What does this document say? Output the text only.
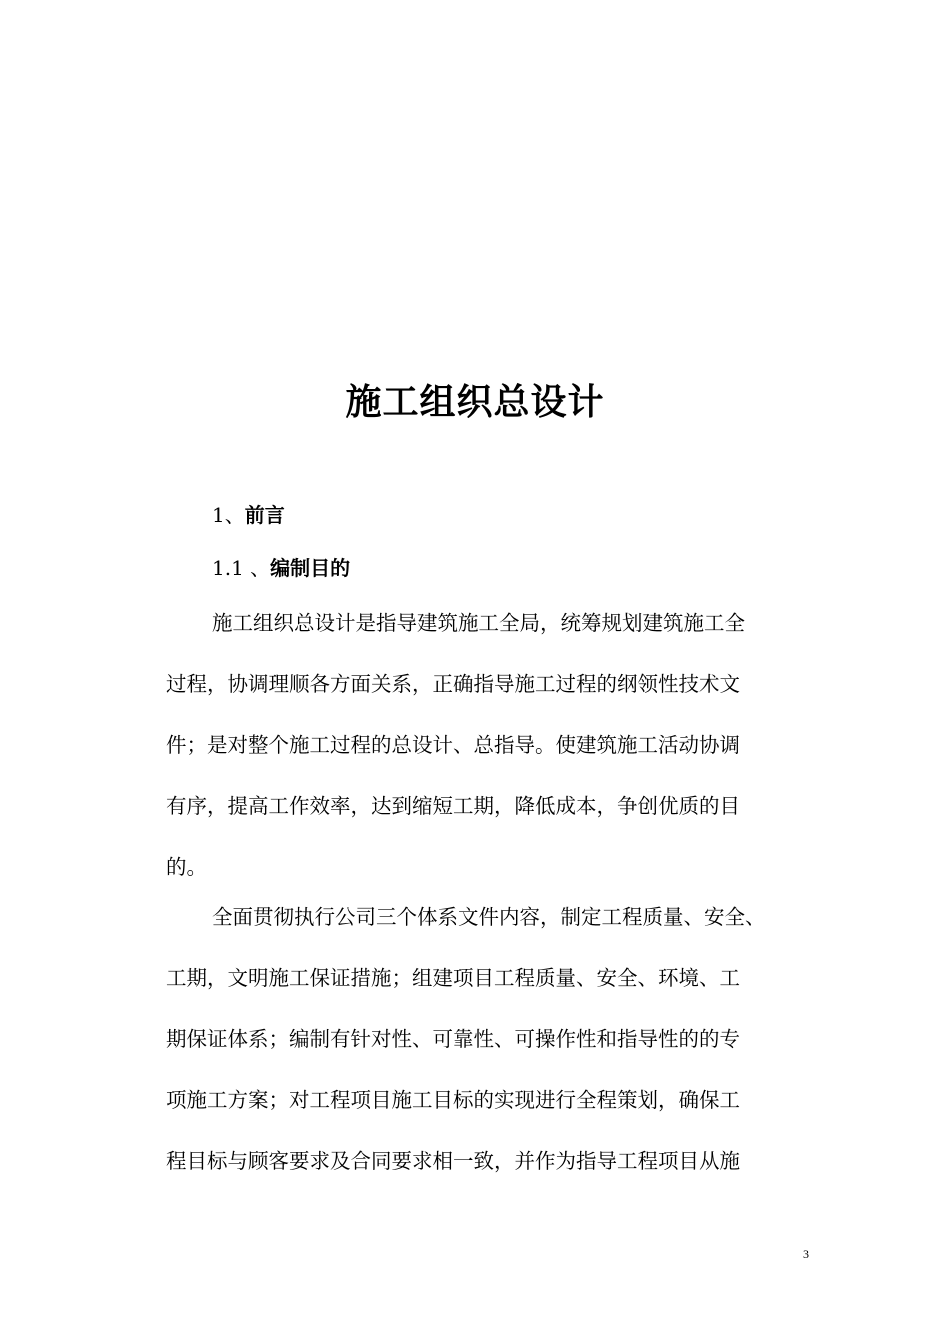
施工组织总设计
1、前言
1.1 、编制目的
施工组织总设计是指导建筑施工全局，统筹规划建筑施工全
过程，协调理顺各方面关系，正确指导施工过程的纲领性技术文
件；是对整个施工过程的总设计、总指导。使建筑施工活动协调
有序，提高工作效率，达到缩短工期，降低成本，争创优质的目
的。
全面贯彻执行公司三个体系文件内容，制定工程质量、安全、
工期，文明施工保证措施；组建项目工程质量、安全、环境、工
期保证体系；编制有针对性、可靠性、可操作性和指导性的的专
项施工方案；对工程项目施工目标的实现进行全程策划，确保工
程目标与顾客要求及合同要求相一致，并作为指导工程项目从施
3
